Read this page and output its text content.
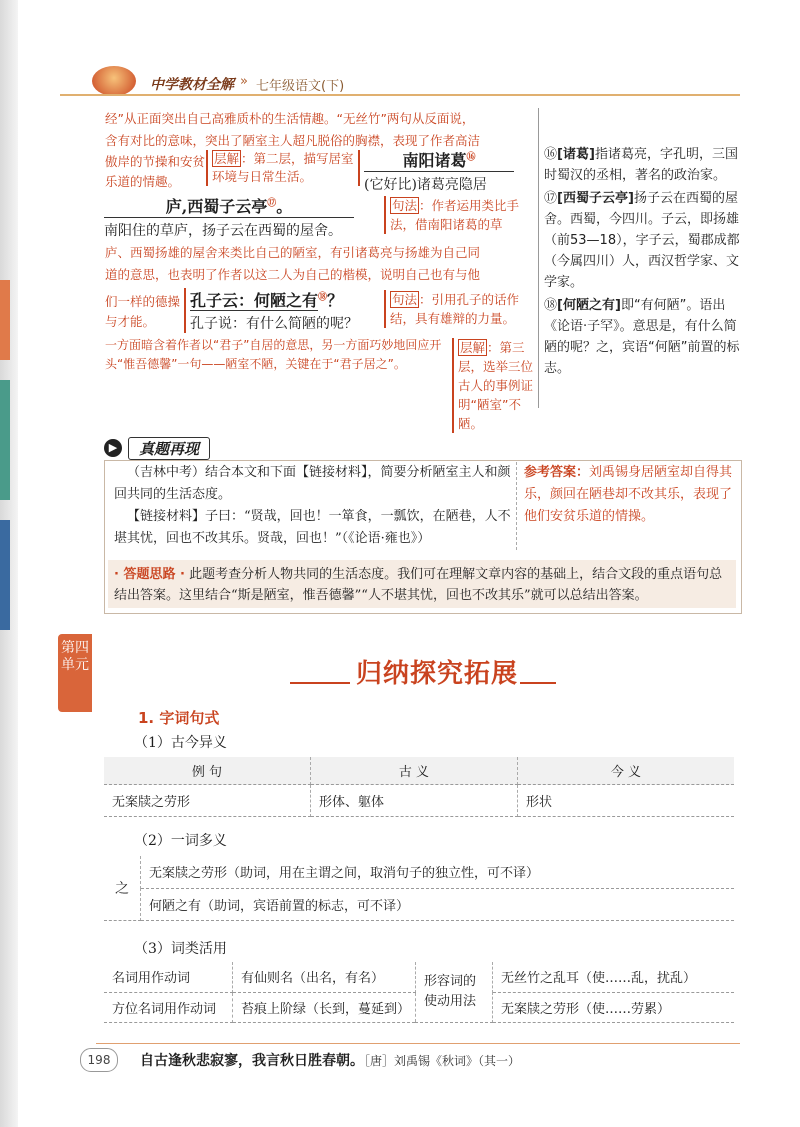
中学教材全解 » 七年级语文(下)
经”从正面突出自己高雅质朴的生活情趣。“无丝竹”两句从反面说，
含有对比的意味，突出了陋室主人超凡脱俗的胸襟，表现了作者高洁
傲岸的节操和安贫乐道的情趣。
层解 ：第二层，描写居室环境与日常生活。
南阳诸葛⑯
(它好比)诸葛亮隐居
庐,西蜀子云亭⑰。
南阳住的草庐，扬子云在西蜀的屋舍。
句法 ：作者运用类比手法，借南阳诸葛的草
庐、西蜀扬雄的屋舍来类比自己的陋室，有引诸葛亮与扬雄为自己同
道的意思，也表明了作者以这二人为自己的楷模，说明自己也有与他
们一样的德操与才能。
孔子云：何陋之有⑱？
孔子说：有什么简陋的呢？
句法 ：引用孔子的话作结，具有雄辩的力量。
一方面暗含着作者以“君子”自居的意思，另一方面巧妙地回应开头“惟吾德馨”一句——陋室不陋，关键在于“君子居之”。
层解 ：第三层，选举三位古人的事例证明“陋室”不陋。
⑯[诸葛]指诸葛亮，字孔明，三国时蜀汉的丞相，著名的政治家。
⑰[西蜀子云亭]扬子云在西蜀的屋舍。西蜀，今四川。子云，即扬雄（前53—18），字子云，蜀郡成都（今属四川）人，西汉哲学家、文学家。
⑱[何陋之有]即“有何陋”。语出《论语·子罕》。意思是，有什么简陋的呢？之，宾语“何陋”前置的标志。
▶	真题再现
（吉林中考）结合本文和下面【链接材料】，简要分析陋室主人和颜回共同的生活态度。
【链接材料】子曰：“贤哉，回也！一箪食，一瓢饮，在陋巷，人不堪其忧，回也不改其乐。贤哉，回也！”（《论语·雍也》）
参考答案：刘禹锡身居陋室却自得其乐，颜回在陋巷却不改其乐，表现了他们安贫乐道的情操。
· 答题思路 · 此题考查分析人物共同的生活态度。我们可在理解文章内容的基础上，结合文段的重点语句总结出答案。这里结合“斯是陋室，惟吾德馨”“人不堪其忧，回也不改其乐”就可以总结出答案。
第四单元	归纳探究拓展
1. 字词句式
（1）古今异义
例 句	古 义	今 义
无案牍之劳形	形体、躯体	形状
（2）一词多义
之	无案牍之劳形（助词，用在主谓之间，取消句子的独立性，可不译）
何陋之有（助词，宾语前置的标志，可不译）
（3）词类活用
名词用作动词	有仙则名（出名，有名）	形容词的使动用法	无丝竹之乱耳（使……乱，扰乱）
方位名词用作动词	苔痕上阶绿（长到，蔓延到）		无案牍之劳形（使……劳累）
198	自古逢秋悲寂寥，我言秋日胜春朝。［唐］刘禹锡《秋词》（其一）
